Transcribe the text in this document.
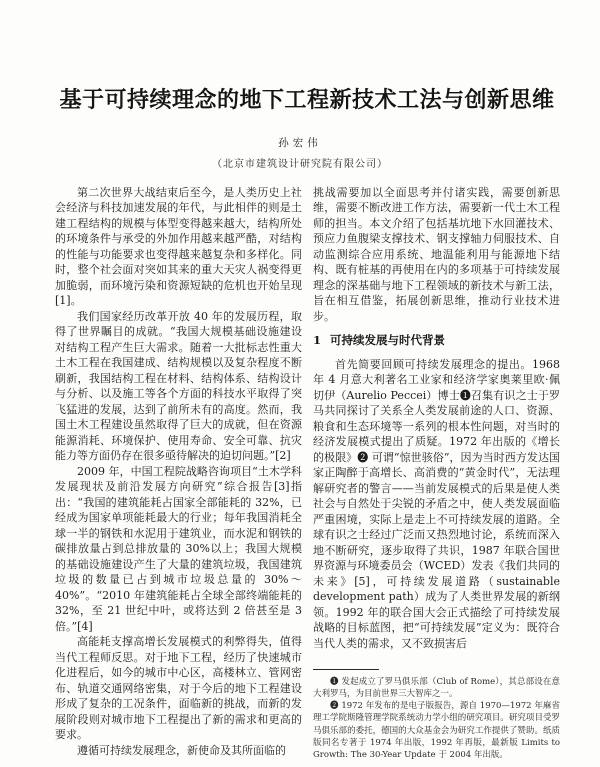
基于可持续理念的地下工程新技术工法与创新思维
孙宏伟
（北京市建筑设计研究院有限公司）

第二次世界大战结束后至今，是人类历史上社会经济与科技加速发展的年代，与此相伴的则是土建工程结构的规模与体型变得越来越大，结构所处的环境条件与承受的外加作用越来越严酷，对结构的性能与功能要求也变得越来越复杂和多样化。同时，整个社会面对突如其来的重大天灾人祸变得更加脆弱，而环境污染和资源短缺的危机也开始呈现[1]。

我们国家经历改革开放 40 年的发展历程，取得了世界瞩目的成就。“我国大规模基础设施建设对结构工程产生巨大需求。随着一大批标志性重大土木工程在我国建成、结构规模以及复杂程度不断刷新，我国结构工程在材料、结构体系、结构设计与分析、以及施工等各个方面的科技水平取得了突飞猛进的发展，达到了前所未有的高度。然而，我国土木工程建设虽然取得了巨大的成就，但在资源能源消耗、环境保护、使用寿命、安全可靠、抗灾能力等方面仍存在很多亟待解决的迫切问题。”[2]

2009 年，中国工程院战略咨询项目“土木学科发展现状及前沿发展方向研究”综合报告[3]指出：“我国的建筑能耗占国家全部能耗的 32%，已经成为国家单项能耗最大的行业；每年我国消耗全球一半的钢铁和水泥用于建筑业，而水泥和钢铁的碳排放量占到总排放量的 30%以上；我国大规模的基础设施建设产生了大量的建筑垃圾，我国建筑垃圾的数量已占到城市垃圾总量的 30%～40%”。“2010 年建筑能耗占全球全部终端能耗的 32%，至 21 世纪中叶，或将达到 2 倍甚至是 3 倍。”[4]

高能耗支撑高增长发展模式的利弊得失，值得当代工程师反思。对于地下工程，经历了快速城市化进程后，如今的城市中心区，高楼林立、管网密布、轨道交通网络密集，对于今后的地下工程建设形成了复杂的工况条件，面临新的挑战，而新的发展阶段则对城市地下工程提出了新的需求和更高的要求。

遵循可持续发展理念，新使命及其所面临的

挑战需要加以全面思考并付诸实践，需要创新思维，需要不断改进工作方法，需要新一代土木工程师的担当。本文介绍了包括基坑地下水回灌技术、预应力鱼腹梁支撑技术、钢支撑轴力伺服技术、自动监测综合应用系统、地温能利用与能源地下结构、既有桩基的再使用在内的多项基于可持续发展理念的深基础与地下工程领域的新技术与新工法，旨在相互借鉴，拓展创新思维，推动行业技术进步。

1 可持续发展与时代背景

首先简要回顾可持续发展理念的提出。1968 年 4 月意大利著名工业家和经济学家奥莱里欧·佩切伊（Aurelio Peccei）博士❶召集有识之士于罗马共同探讨了关系全人类发展前途的人口、资源、粮食和生态环境等一系列的根本性问题，对当时的经济发展模式提出了质疑。1972 年出版的《增长的极限》❷ 可谓“惊世骇俗”，因为当时西方发达国家正陶醉于高增长、高消费的“黄金时代”，无法理解研究者的警言——当前发展模式的后果是使人类社会与自然处于尖锐的矛盾之中，使人类发展面临严重困境，实际上是走上不可持续发展的道路。全球有识之士经过广泛而又热烈地讨论，系统而深入地不断研究，逐步取得了共识，1987 年联合国世界资源与环境委员会（WCED）发表《我们共同的未来》[5]，可持续发展道路（sustainable development path）成为了人类世界发展的新纲领。1992 年的联合国大会正式描绘了可持续发展战略的目标蓝图，把“可持续发展”定义为：既符合当代人类的需求，又不致损害后

❶ 发起成立了罗马俱乐部（Club of Rome），其总部设在意大利罗马，为目前世界三大智库之一。

❷ 1972 年发布的是电子版报告，源自 1970—1972 年麻省理工学院斯隆管理学院系统动力学小组的研究项目。研究项目受罗马俱乐部的委托，德国的大众基金会为研究工作提供了赞助。纸质版同名专著于 1974 年出版，1992 年再版，最新版 Limits to Growth: The 30-Year Update 于 2004 年出版。
